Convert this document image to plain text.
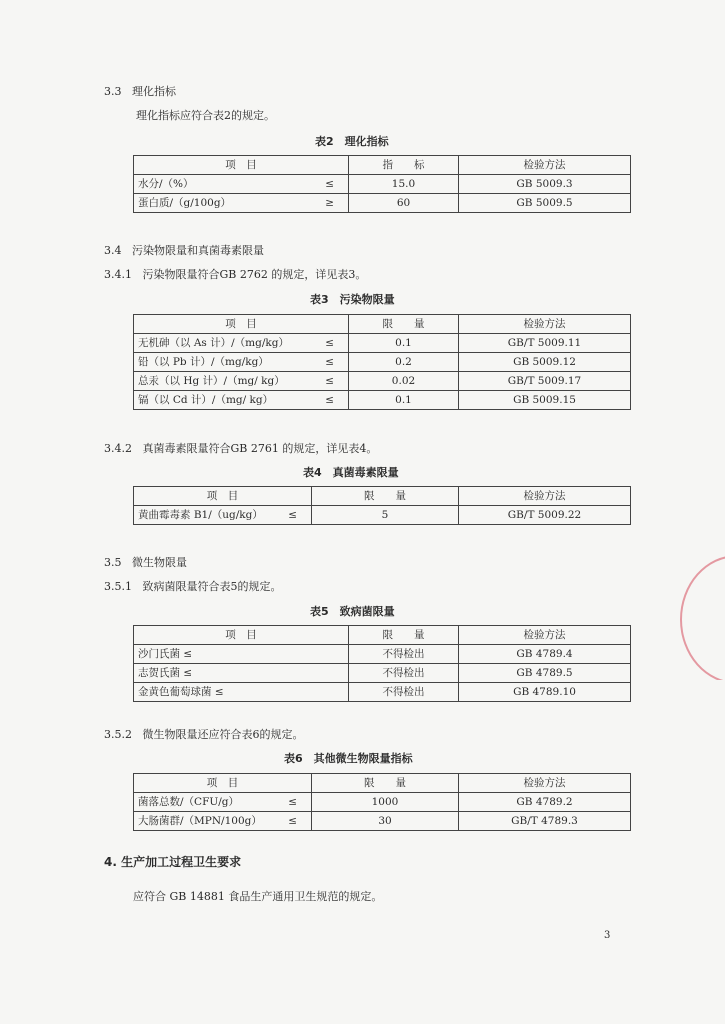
3.3 理化指标
理化指标应符合表2的规定。
表2　理化指标
项　目	指　　标	检验方法
水分/（%） ≤	15.0	GB 5009.3
蛋白质/（g/100g） ≥	60	GB 5009.5
3.4 污染物限量和真菌毒素限量
3.4.1 污染物限量符合GB 2762 的规定，详见表3。
表3　污染物限量
项　目	限　　量	检验方法
无机砷（以 As 计）/（mg/kg） ≤	0.1	GB/T 5009.11
铅（以 Pb 计）/（mg/kg） ≤	0.2	GB 5009.12
总汞（以 Hg 计）/（mg/ kg） ≤	0.02	GB/T 5009.17
镉（以 Cd 计）/（mg/ kg） ≤	0.1	GB 5009.15
3.4.2 真菌毒素限量符合GB 2761 的规定，详见表4。
表4　真菌毒素限量
项　目	限　　量	检验方法
黄曲霉毒素 B1/（ug/kg） ≤	5	GB/T 5009.22
3.5 微生物限量
3.5.1 致病菌限量符合表5的规定。
表5　致病菌限量
项　目	限　　量	检验方法
沙门氏菌 ≤	不得检出	GB 4789.4
志贺氏菌 ≤	不得检出	GB 4789.5
金黄色葡萄球菌 ≤	不得检出	GB 4789.10
3.5.2 微生物限量还应符合表6的规定。
表6　其他微生物限量指标
项　目	限　　量	检验方法
菌落总数/（CFU/g） ≤	1000	GB 4789.2
大肠菌群/（MPN/100g） ≤	30	GB/T 4789.3
4. 生产加工过程卫生要求
应符合 GB 14881 食品生产通用卫生规范的规定。
3
